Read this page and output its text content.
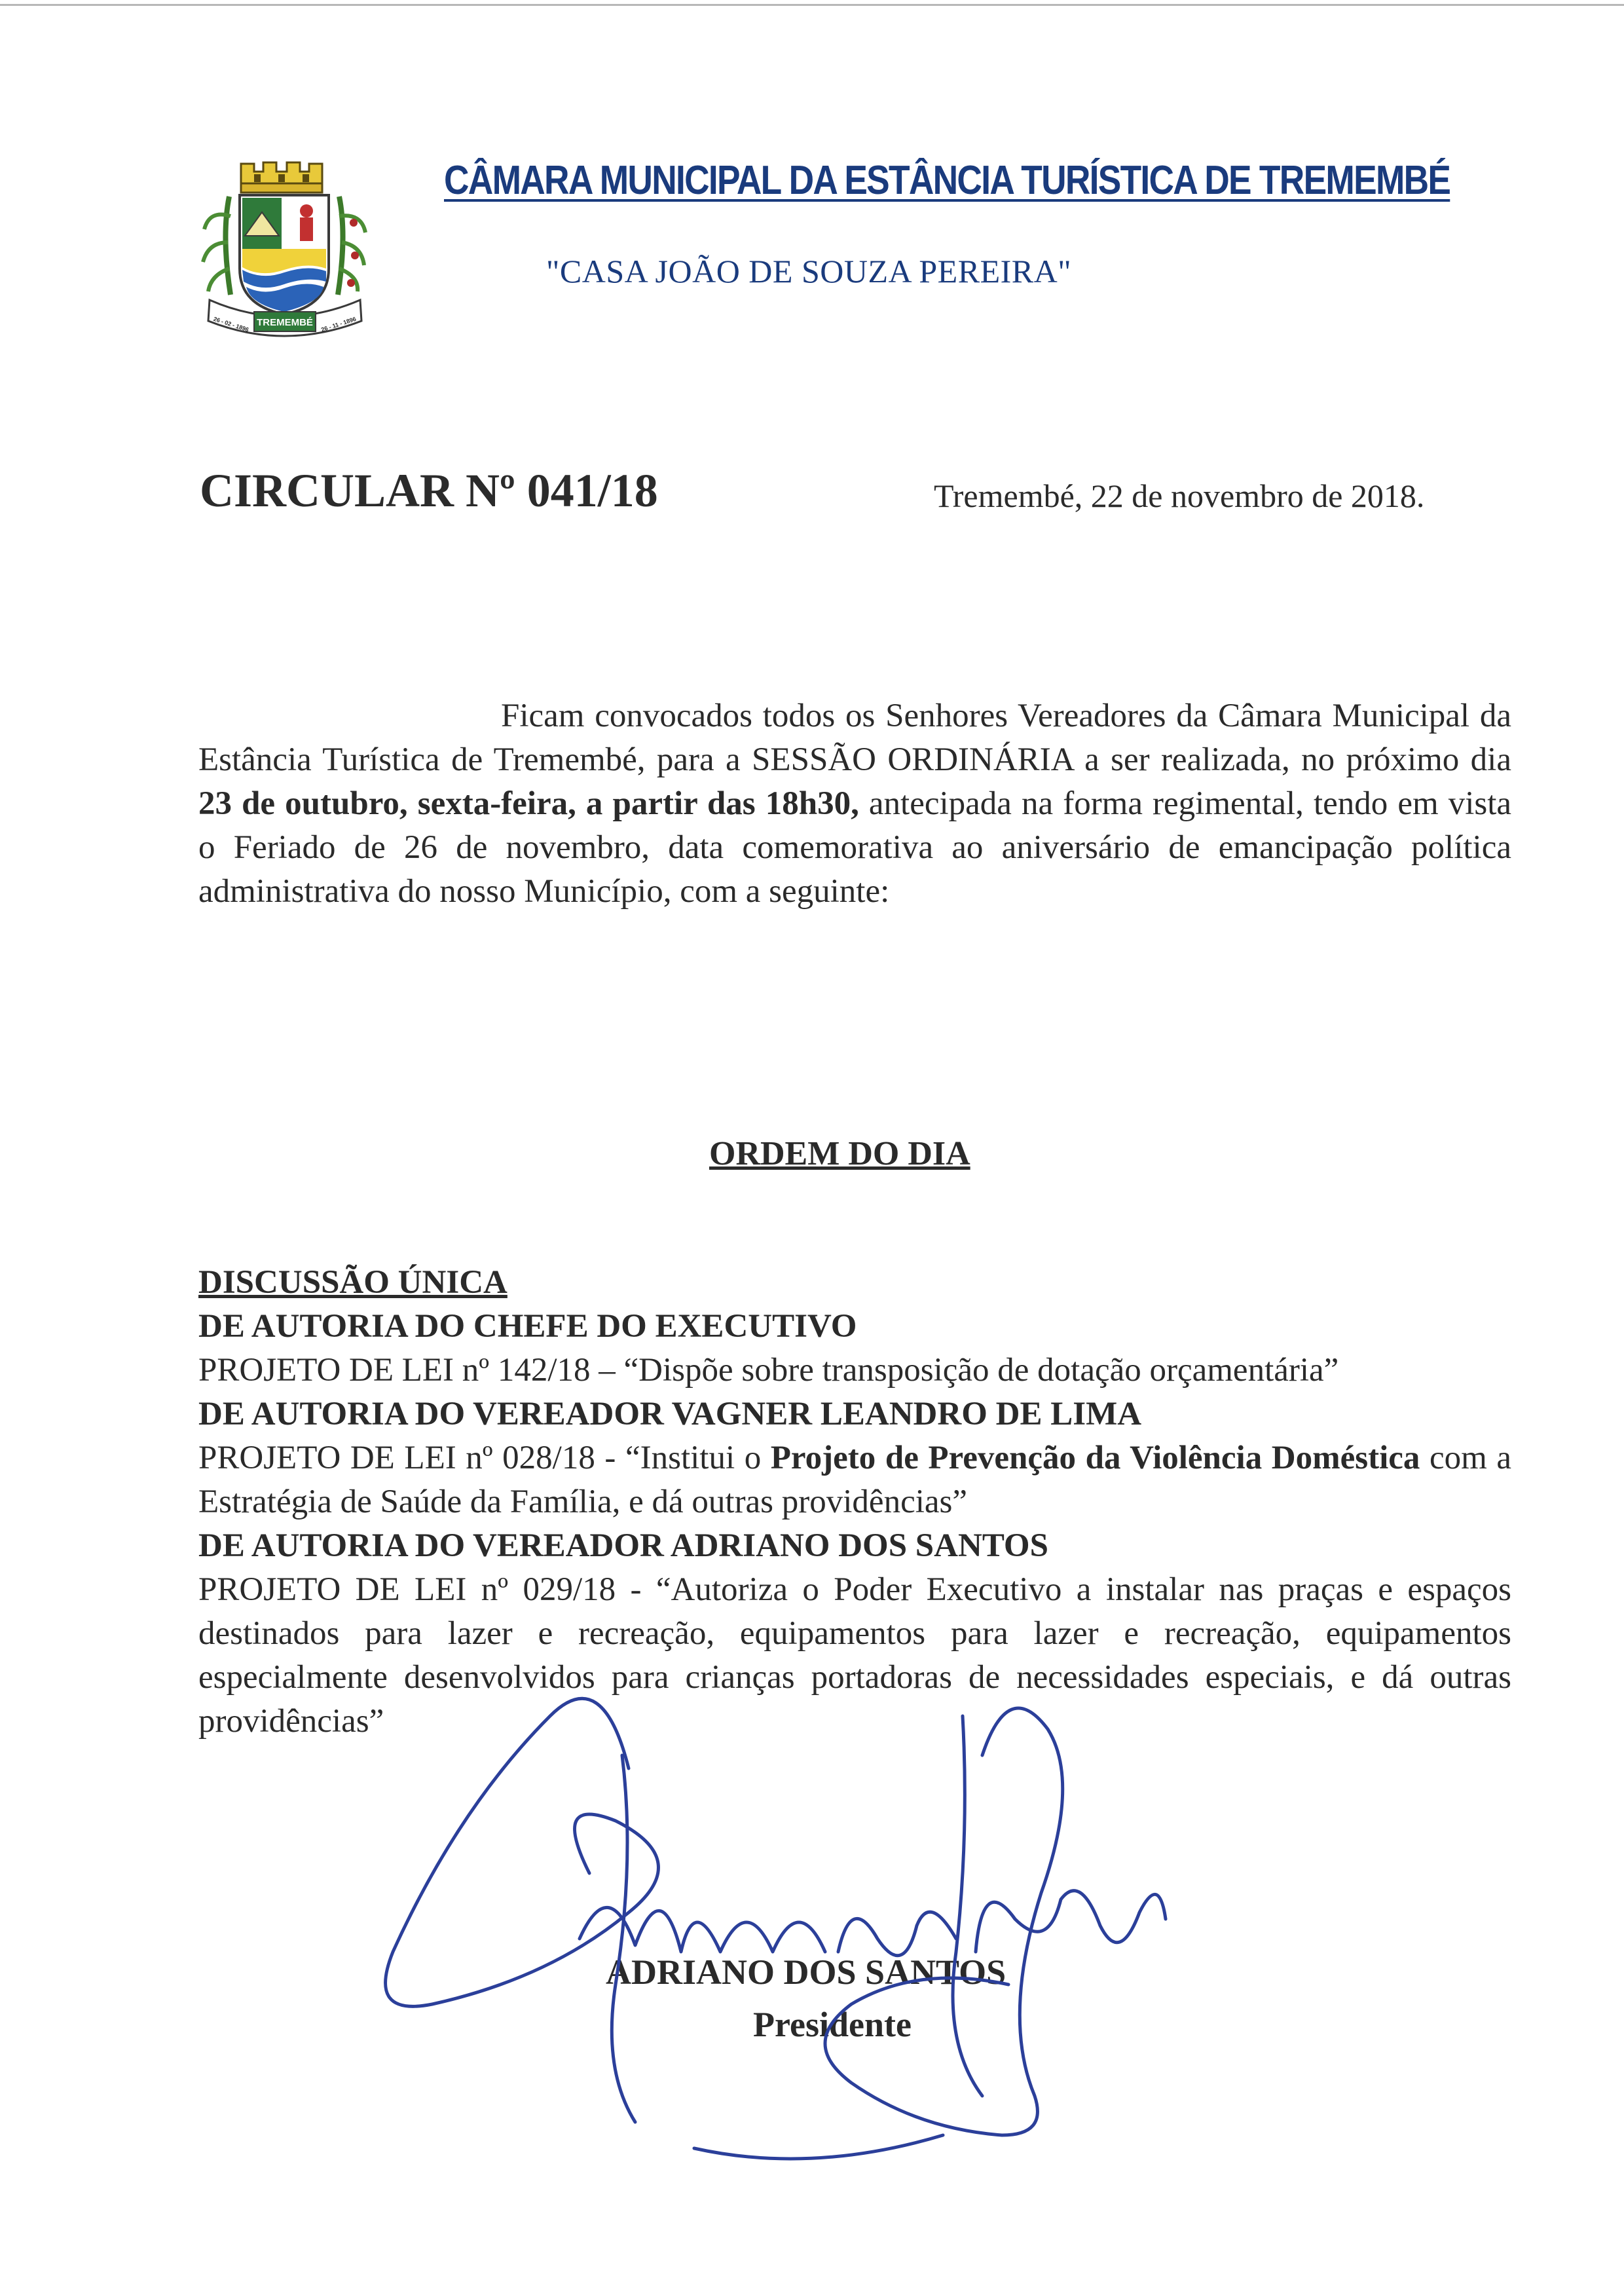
TREMEMBÉ
26 - 02 - 1896	26 - 11 - 1896
CÂMARA MUNICIPAL DA ESTÂNCIA TURÍSTICA DE TREMEMBÉ

"CASA JOÃO DE SOUZA PEREIRA"

CIRCULAR Nº 041/18	Tremembé, 22 de novembro de 2018.

Ficam convocados todos os Senhores Vereadores da Câmara Municipal da Estância Turística de Tremembé, para a SESSÃO ORDINÁRIA a ser realizada, no próximo dia 23 de outubro, sexta-feira, a partir das 18h30, antecipada na forma regimental, tendo em vista o Feriado de 26 de novembro, data comemorativa ao aniversário de emancipação política administrativa do nosso Município, com a seguinte:

ORDEM DO DIA

DISCUSSÃO ÚNICA

DE AUTORIA DO CHEFE DO EXECUTIVO

PROJETO DE LEI nº 142/18 – “Dispõe sobre transposição de dotação orçamentária”

DE AUTORIA DO VEREADOR VAGNER LEANDRO DE LIMA

PROJETO DE LEI nº 028/18 - “Institui o Projeto de Prevenção da Violência Doméstica com a Estratégia de Saúde da Família, e dá outras providências”

DE AUTORIA DO VEREADOR ADRIANO DOS SANTOS

PROJETO DE LEI nº 029/18 - “Autoriza o Poder Executivo a instalar nas praças e espaços destinados para lazer e recreação, equipamentos para lazer e recreação, equipamentos especialmente desenvolvidos para crianças portadoras de necessidades especiais, e dá outras providências”

ADRIANO DOS SANTOS

Presidente

Adriano dos Santos
